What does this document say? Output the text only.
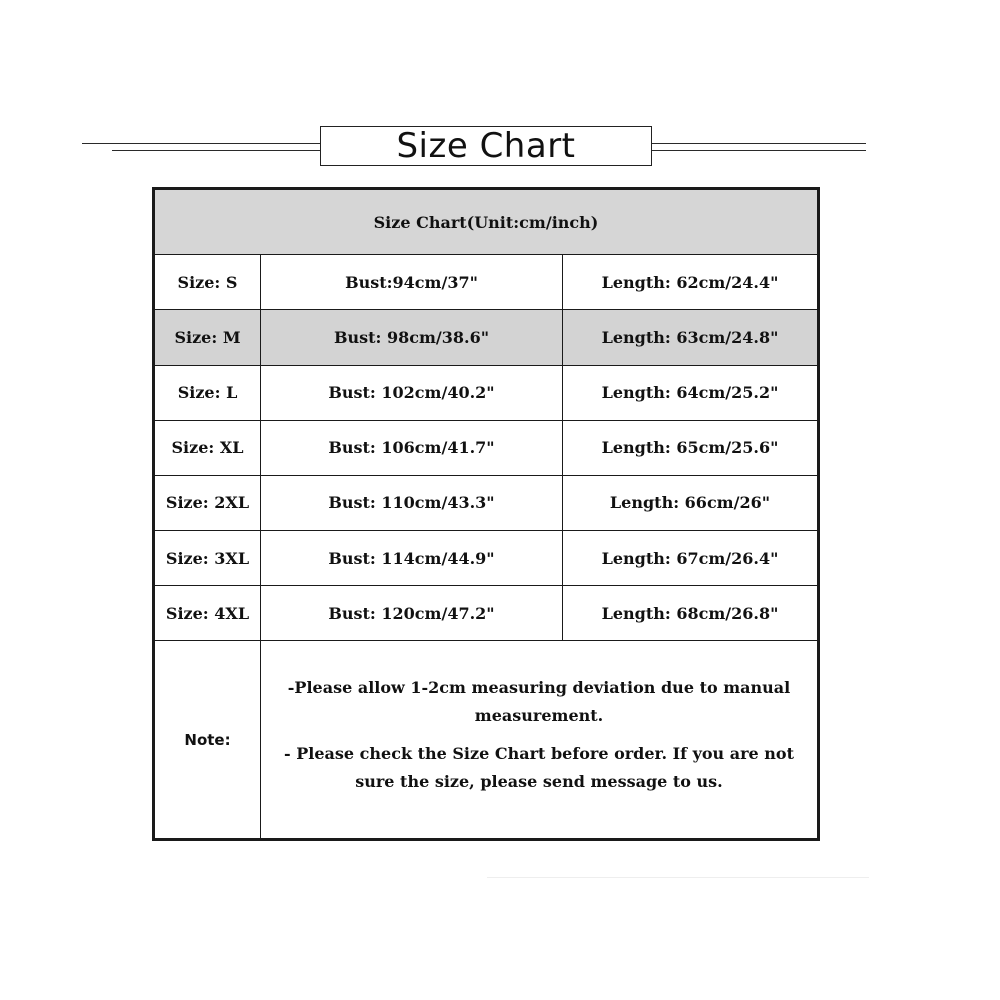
Size Chart
Size Chart(Unit:cm/inch)		
Size: S	Bust:94cm/37"	Length: 62cm/24.4"
Size: M	Bust: 98cm/38.6"	Length: 63cm/24.8"
Size: L	Bust: 102cm/40.2"	Length: 64cm/25.2"
Size: XL	Bust: 106cm/41.7"	Length: 65cm/25.6"
Size: 2XL	Bust: 110cm/43.3"	Length: 66cm/26"
Size: 3XL	Bust: 114cm/44.9"	Length: 67cm/26.4"
Size: 4XL	Bust: 120cm/47.2"	Length: 68cm/26.8"
Note:	-Please allow 1-2cm measuring deviation due to manual measurement.
- Please check the Size Chart before order. If you are not sure the size, please send message to us.	
